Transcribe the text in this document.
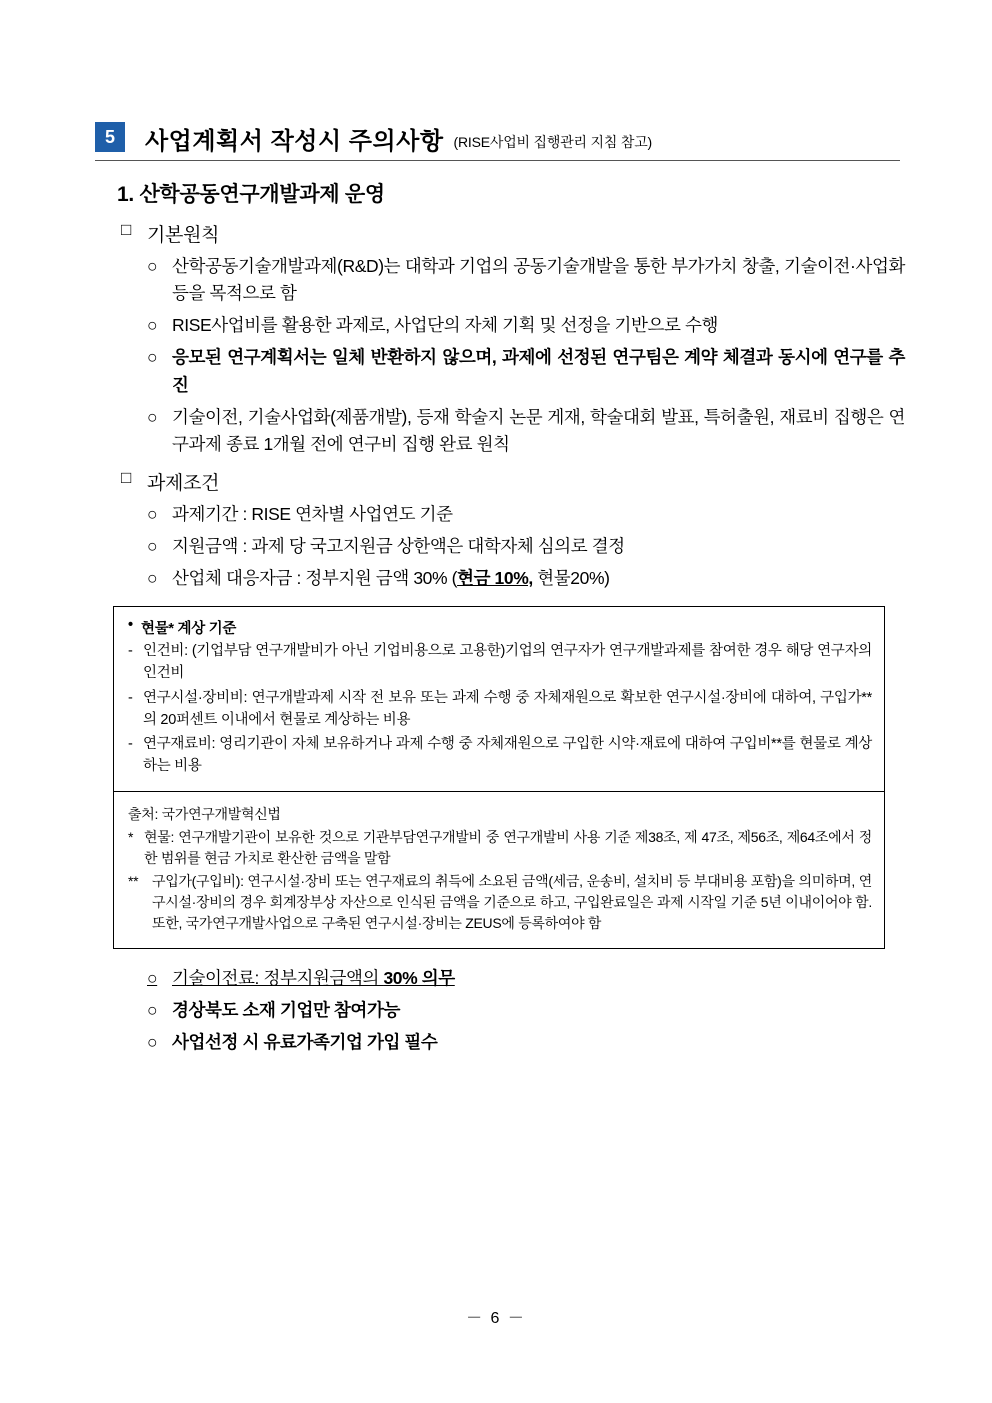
5	사업계획서 작성시 주의사항 (RISE사업비 집행관리 지침 참고)
1. 산학공동연구개발과제 운영
□ 기본원칙
○ 산학공동기술개발과제(R&D)는 대학과 기업의 공동기술개발을 통한 부가가치 창출, 기술이전·사업화 등을 목적으로 함
○ RISE사업비를 활용한 과제로, 사업단의 자체 기획 및 선정을 기반으로 수행
○ 응모된 연구계획서는 일체 반환하지 않으며, 과제에 선정된 연구팀은 계약 체결과 동시에 연구를 추진
○ 기술이전, 기술사업화(제품개발), 등재 학술지 논문 게재, 학술대회 발표, 특허출원, 재료비 집행은 연구과제 종료 1개월 전에 연구비 집행 완료 원칙
□ 과제조건
○ 과제기간 : RISE 연차별 사업연도 기준
○ 지원금액 : 과제 당 국고지원금 상한액은 대학자체 심의로 결정
○ 산업체 대응자금 : 정부지원 금액 30% (현금 10%, 현물20%)
• 현물* 계상 기준
- 인건비: (기업부담 연구개발비가 아닌 기업비용으로 고용한)기업의 연구자가 연구개발과제를 참여한 경우 해당 연구자의 인건비
- 연구시설·장비비: 연구개발과제 시작 전 보유 또는 과제 수행 중 자체재원으로 확보한 연구시설·장비에 대하여, 구입가**의 20퍼센트 이내에서 현물로 계상하는 비용
- 연구재료비: 영리기관이 자체 보유하거나 과제 수행 중 자체재원으로 구입한 시약·재료에 대하여 구입비**를 현물로 계상하는 비용
출처: 국가연구개발혁신법
* 현물: 연구개발기관이 보유한 것으로 기관부담연구개발비 중 연구개발비 사용 기준 제38조, 제 47조, 제56조, 제64조에서 정한 범위를 현금 가치로 환산한 금액을 말함
** 구입가(구입비): 연구시설·장비 또는 연구재료의 취득에 소요된 금액(세금, 운송비, 설치비 등 부대비용 포함)을 의미하며, 연구시설·장비의 경우 회계장부상 자산으로 인식된 금액을 기준으로 하고, 구입완료일은 과제 시작일 기준 5년 이내이어야 함. 또한, 국가연구개발사업으로 구축된 연구시설·장비는 ZEUS에 등록하여야 함
○ 기술이전료: 정부지원금액의 30% 의무
○ 경상북도 소재 기업만 참여가능
○ 사업선정 시 유료가족기업 가입 필수
－ 6 －
